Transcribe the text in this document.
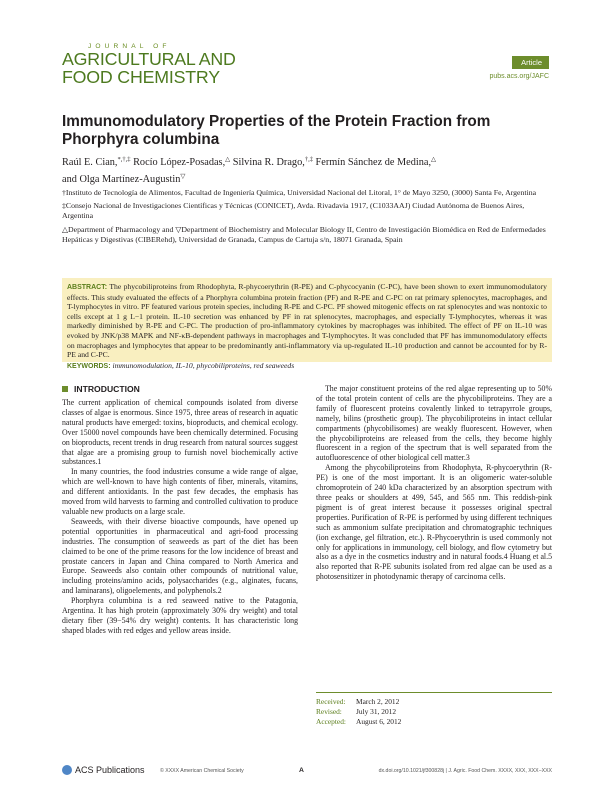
JOURNAL OF
AGRICULTURAL AND
FOOD CHEMISTRY
Article
pubs.acs.org/JAFC
Immunomodulatory Properties of the Protein Fraction from Phorphyra columbina
Raúl E. Cian,*,†,‡ Rocío López-Posadas,△ Silvina R. Drago,†,‡ Fermín Sánchez de Medina,△
and Olga Martínez-Augustin▽

†Instituto de Tecnología de Alimentos, Facultad de Ingeniería Química, Universidad Nacional del Litoral, 1° de Mayo 3250, (3000) Santa Fe, Argentina

‡Consejo Nacional de Investigaciones Científicas y Técnicas (CONICET), Avda. Rivadavia 1917, (C1033AAJ) Ciudad Autónoma de Buenos Aires, Argentina

△Department of Pharmacology and ▽Department of Biochemistry and Molecular Biology II, Centro de Investigación Biomédica en Red de Enfermedades Hepáticas y Digestivas (CIBERehd), Universidad de Granada, Campus de Cartuja s/n, 18071 Granada, Spain

ABSTRACT: The phycobiliproteins from Rhodophyta, R-phycoerythrin (R-PE) and C-phycocyanin (C-PC), have been shown to exert immunomodulatory effects. This study evaluated the effects of a Phorphyra columbina protein fraction (PF) and R-PE and C-PC on rat primary splenocytes, macrophages, and T-lymphocytes in vitro. PF featured various protein species, including R-PE and C-PC. PF showed mitogenic effects on rat splenocytes and was nontoxic to cells except at 1 g L−1 protein. IL-10 secretion was enhanced by PF in rat splenocytes, macrophages, and especially T-lymphocytes, whereas it was markedly diminished by R-PE and C-PC. The production of pro-inflammatory cytokines by macrophages was inhibited. The effect of PF on IL-10 was evoked by JNK/p38 MAPK and NF-κB-dependent pathways in macrophages and T-lymphocytes. It was concluded that PF has immunomodulatory effects on macrophages and lymphocytes that appear to be predominantly anti-inflammatory via up-regulated IL-10 production and cannot be accounted for by R-PE and C-PC.

KEYWORDS: immunomodulation, IL-10, phycobiliproteins, red seaweeds

INTRODUCTION

The current application of chemical compounds isolated from diverse classes of algae is enormous. Since 1975, three areas of research in aquatic natural products have emerged: toxins, bioproducts, and chemical ecology. Over 15000 novel compounds have been chemically determined. Focusing on bioproducts, recent trends in drug research from natural sources suggest that algae are a promising group to furnish novel biochemically active substances.1

In many countries, the food industries consume a wide range of algae, which are well-known to have high contents of fiber, minerals, vitamins, and different antioxidants. In the past few decades, the emphasis has moved from wild harvests to farming and controlled cultivation to produce valuable new products on a large scale.

Seaweeds, with their diverse bioactive compounds, have opened up potential opportunities in pharmaceutical and agri-food processing industries. The consumption of seaweeds as part of the diet has been claimed to be one of the prime reasons for the low incidence of breast and prostate cancers in Japan and China compared to North America and Europe. Seaweeds also contain other compounds of nutritional value, including proteins/amino acids, polysaccharides (e.g., alginates, fucans, and laminarans), oligoelements, and polyphenols.2

Phorphyra columbina is a red seaweed native to the Patagonia, Argentina. It has high protein (approximately 30% dry weight) and total dietary fiber (39−54% dry weight) contents. It has characteristic long shaped blades with red edges and yellow areas inside.

The major constituent proteins of the red algae representing up to 50% of the total protein content of cells are the phycobiliproteins. They are a family of fluorescent proteins covalently linked to tetrapyrrole groups, namely, bilins (prosthetic group). The phycobiliproteins in intact cellular compartments (phycobilisomes) are weakly fluorescent. However, when the phycobiliproteins are released from the cells, they become highly fluorescent in a region of the spectrum that is well separated from the autofluorescence of other biological cell matter.3

Among the phycobiliproteins from Rhodophyta, R-phycoerythrin (R-PE) is one of the most important. It is an oligomeric water-soluble chromoprotein of 240 kDa characterized by an absorption spectrum with three peaks or shoulders at 499, 545, and 565 nm. This reddish-pink pigment is of great interest because it possesses original spectral properties. Purification of R-PE is performed by using different techniques such as ammonium sulfate precipitation and chromatographic techniques (ion exchange, gel filtration, etc.). R-Phycoerythrin is used commonly not only for applications in immunology, cell biology, and flow cytometry but also as a dye in the cosmetics industry and in natural foods.4 Huang et al.5 also reported that R-PE subunits isolated from red algae can be used as a photosensitizer in photodynamic therapy of carcinoma cells.

Received: March 2, 2012
Revised: July 31, 2012
Accepted: August 6, 2012
ACS Publications	© XXXX American Chemical Society	A	dx.doi.org/10.1021/jf300828j | J. Agric. Food Chem. XXXX, XXX, XXX−XXX
